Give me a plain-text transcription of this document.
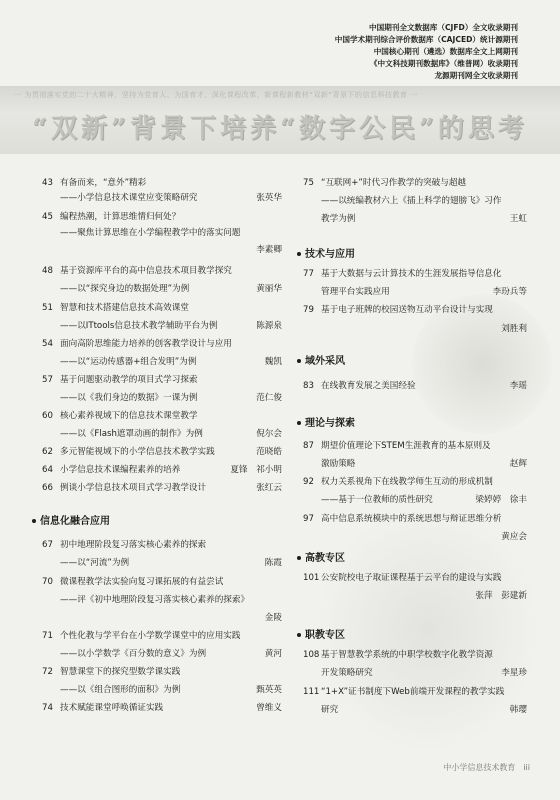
中国期刊全文数据库（CJFD）全文收录期刊
中国学术期刊综合评价数据库（CAJCED）统计源期刊
中国核心期刊（遴选）数据库全文上网期刊
《中文科技期刊数据库》（维普网）收录期刊
龙源期刊网全文收录期刊
一 为贯彻落实党的二十大精神，坚持为党育人、为国育才，深化课程改革，新课程新教材“双新”背景下的信息科技教育 一
“双新”背景下培养“数字公民”的思考
43 有备而来，“意外”精彩
——小学信息技术课堂应变策略研究	张英华
45 编程热潮，计算思维情归何处？
——聚焦计算思维在小学编程教学中的落实问题
李素卿
48 基于资源库平台的高中信息技术项目教学探究
——以“探究身边的数据处理”为例	黄丽华
51 智慧和技术搭建信息技术高效课堂
——以ITtools信息技术教学辅助平台为例	陈源泉
54 面向高阶思维能力培养的创客教学设计与应用
——以“运动传感器+组合发明”为例	魏凯
57 基于问题驱动教学的项目式学习探索
——以《我们身边的数据》一课为例	范仁俊
60 核心素养视域下的信息技术课堂教学
——以《Flash遮罩动画的制作》为例	倪尔会
62 多元智能视域下的小学信息技术教学实践	范晓皓
64 小学信息技术课编程素养的培养	夏锋　祁小明
66 例谈小学信息技术项目式学习教学设计	张红云
信息化融合应用
67 初中地理阶段复习落实核心素养的探索
——以“河流”为例	陈霞
70 微课程教学法实验向复习课拓展的有益尝试
——评《初中地理阶段复习落实核心素养的探索》
金陵
71 个性化教与学平台在小学数学课堂中的应用实践
——以小学数学《百分数的意义》为例	黄河
72 智慧课堂下的探究型数学课实践
——以《组合图形的面积》为例	甄英英
74 技术赋能课堂呼唤循证实践	曾维义
75 “互联网+”时代习作教学的突破与超越
——以统编教材六上《插上科学的翅膀飞》习作
教学为例	王虹
技术与应用
77 基于大数据与云计算技术的生涯发展指导信息化
管理平台实践应用	李玢兵等
79 基于电子班牌的校园送物互动平台设计与实现
刘胜利
域外采风
83 在线教育发展之美国经验	李瑶
理论与探索
87 期望价值理论下STEM生涯教育的基本原则及
激励策略	赵辉
92 权力关系视角下在线教学师生互动的形成机制
——基于一位教师的质性研究	梁婷婷　徐丰
97 高中信息系统模块中的系统思想与辩证思维分析
黄应会
高教专区
101 公安院校电子取证课程基于云平台的建设与实践
张萍　彭建新
职教专区
108 基于智慧教学系统的中职学校数字化教学资源
开发策略研究	李星珍
111 “1+X”证书制度下Web前端开发课程的教学实践
研究	韩璎
中小学信息技术教育　iii
